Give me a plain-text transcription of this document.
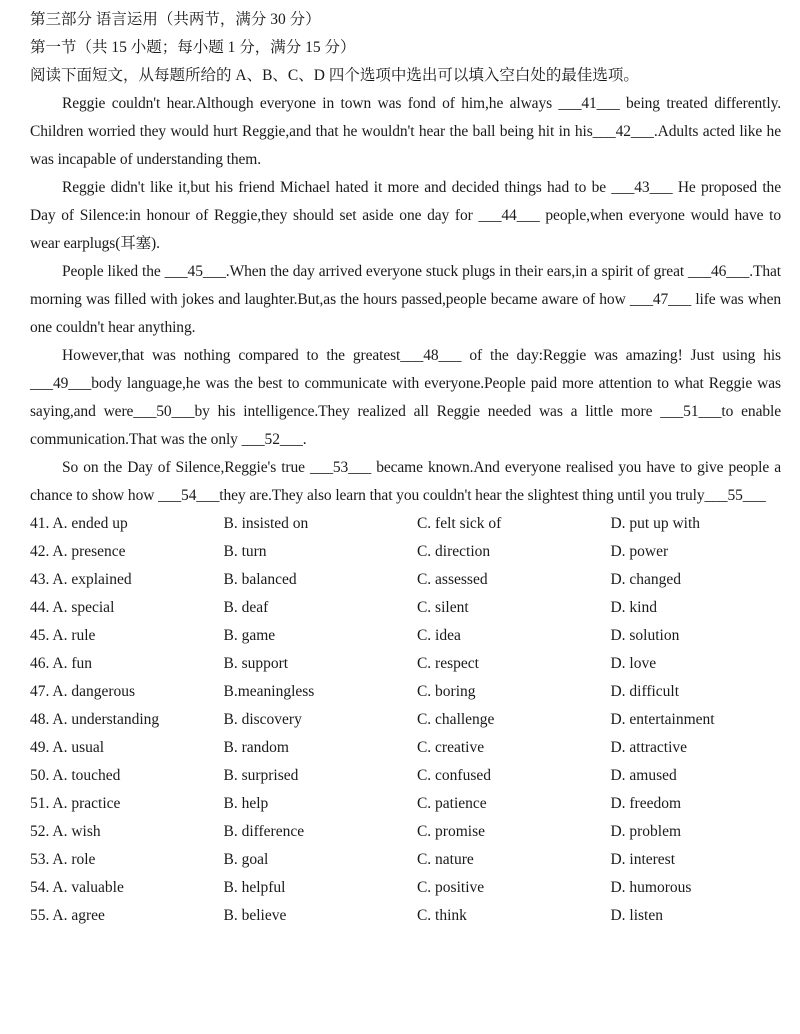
第三部分 语言运用（共两节，满分 30 分）
第一节（共 15 小题；每小题 1 分，满分 15 分）
阅读下面短文，从每题所给的 A、B、C、D 四个选项中选出可以填入空白处的最佳选项。

Reggie couldn't hear.Although everyone in town was fond of him,he always ___41___ being treated differently. Children worried they would hurt Reggie,and that he wouldn't hear the ball being hit in his___42___.Adults acted like he was incapable of understanding them.

Reggie didn't like it,but his friend Michael hated it more and decided things had to be ___43___ He proposed the Day of Silence:in honour of Reggie,they should set aside one day for ___44___ people,when everyone would have to wear earplugs(耳塞).

People liked the ___45___.When the day arrived everyone stuck plugs in their ears,in a spirit of great ___46___.That morning was filled with jokes and laughter.But,as the hours passed,people became aware of how ___47___ life was when one couldn't hear anything.

However,that was nothing compared to the greatest___48___ of the day:Reggie was amazing! Just using his ___49___body language,he was the best to communicate with everyone.People paid more attention to what Reggie was saying,and were___50___by his intelligence.They realized all Reggie needed was a little more ___51___to enable communication.That was the only ___52___.

So on the Day of Silence,Reggie's true ___53___ became known.And everyone realised you have to give people a chance to show how ___54___they are.They also learn that you couldn't hear the slightest thing until you truly___55___

41. A. ended up	B. insisted on	C. felt sick of	D. put up with
42. A. presence	B. turn	C. direction	D. power
43. A. explained	B. balanced	C. assessed	D. changed
44. A. special	B. deaf	C. silent	D. kind
45. A. rule	B. game	C. idea	D. solution
46. A. fun	B. support	C. respect	D. love
47. A. dangerous	B.meaningless	C. boring	D. difficult
48. A. understanding	B. discovery	C. challenge	D. entertainment
49. A. usual	B. random	C. creative	D. attractive
50. A. touched	B. surprised	C. confused	D. amused
51. A. practice	B. help	C. patience	D. freedom
52. A. wish	B. difference	C. promise	D. problem
53. A. role	B. goal	C. nature	D. interest
54. A. valuable	B. helpful	C. positive	D. humorous
55. A. agree	B. believe	C. think	D. listen
